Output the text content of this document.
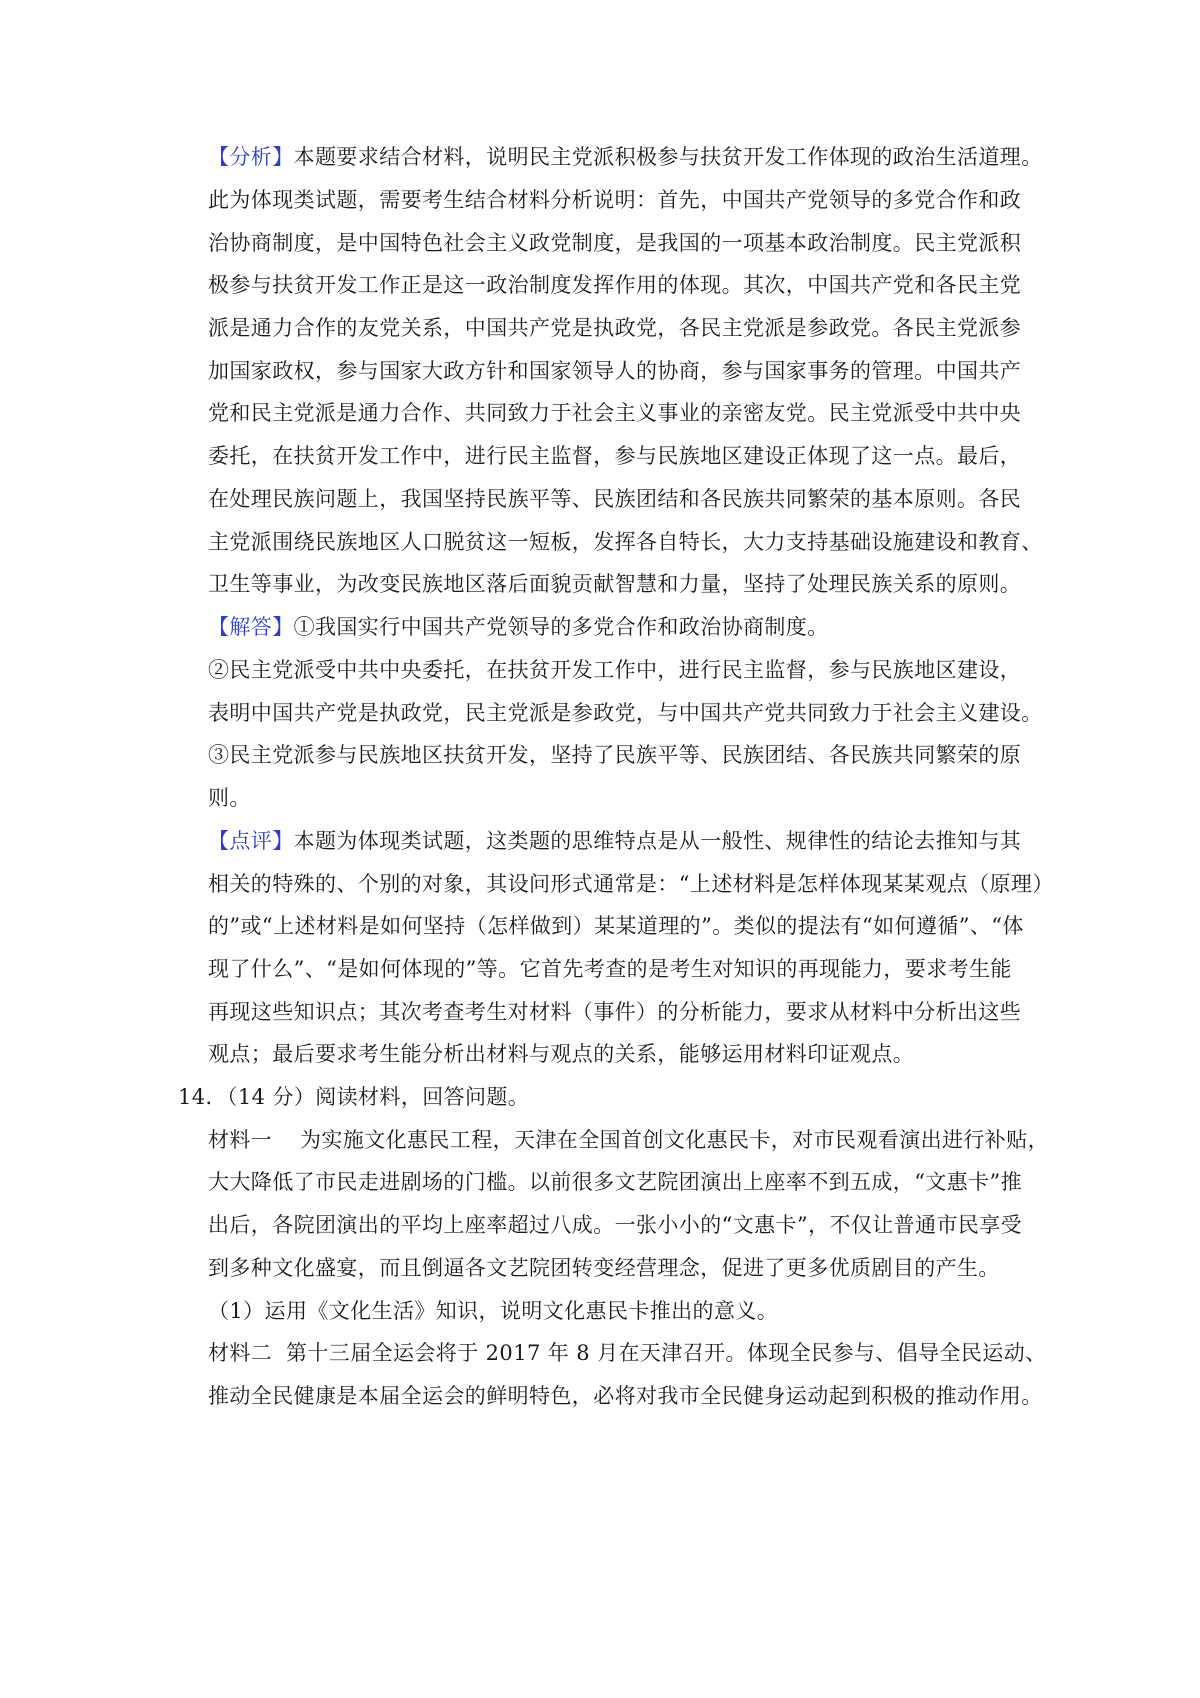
【分析】本题要求结合材料，说明民主党派积极参与扶贫开发工作体现的政治生活道理。
此为体现类试题，需要考生结合材料分析说明：首先，中国共产党领导的多党合作和政
治协商制度，是中国特色社会主义政党制度，是我国的一项基本政治制度。民主党派积
极参与扶贫开发工作正是这一政治制度发挥作用的体现。其次，中国共产党和各民主党
派是通力合作的友党关系，中国共产党是执政党，各民主党派是参政党。各民主党派参
加国家政权，参与国家大政方针和国家领导人的协商，参与国家事务的管理。中国共产
党和民主党派是通力合作、共同致力于社会主义事业的亲密友党。民主党派受中共中央
委托，在扶贫开发工作中，进行民主监督，参与民族地区建设正体现了这一点。最后，
在处理民族问题上，我国坚持民族平等、民族团结和各民族共同繁荣的基本原则。各民
主党派围绕民族地区人口脱贫这一短板，发挥各自特长，大力支持基础设施建设和教育、
卫生等事业，为改变民族地区落后面貌贡献智慧和力量，坚持了处理民族关系的原则。
【解答】①我国实行中国共产党领导的多党合作和政治协商制度。
②民主党派受中共中央委托，在扶贫开发工作中，进行民主监督，参与民族地区建设，
表明中国共产党是执政党，民主党派是参政党，与中国共产党共同致力于社会主义建设。
③民主党派参与民族地区扶贫开发，坚持了民族平等、民族团结、各民族共同繁荣的原
则。
【点评】本题为体现类试题，这类题的思维特点是从一般性、规律性的结论去推知与其
相关的特殊的、个别的对象，其设问形式通常是：“上述材料是怎样体现某某观点（原理）
的”或“上述材料是如何坚持（怎样做到）某某道理的”。类似的提法有“如何遵循”、“体
现了什么”、“是如何体现的”等。它首先考查的是考生对知识的再现能力，要求考生能
再现这些知识点；其次考查考生对材料（事件）的分析能力，要求从材料中分析出这些
观点；最后要求考生能分析出材料与观点的关系，能够运用材料印证观点。
14．（14 分）阅读材料，回答问题。
材料一 为实施文化惠民工程，天津在全国首创文化惠民卡，对市民观看演出进行补贴，
大大降低了市民走进剧场的门槛。以前很多文艺院团演出上座率不到五成，“文惠卡”推
出后，各院团演出的平均上座率超过八成。一张小小的“文惠卡”，不仅让普通市民享受
到多种文化盛宴，而且倒逼各文艺院团转变经营理念，促进了更多优质剧目的产生。
（1）运用《文化生活》知识，说明文化惠民卡推出的意义。
材料二 第十三届全运会将于 2017 年 8 月在天津召开。体现全民参与、倡导全民运动、
推动全民健康是本届全运会的鲜明特色，必将对我市全民健身运动起到积极的推动作用。
